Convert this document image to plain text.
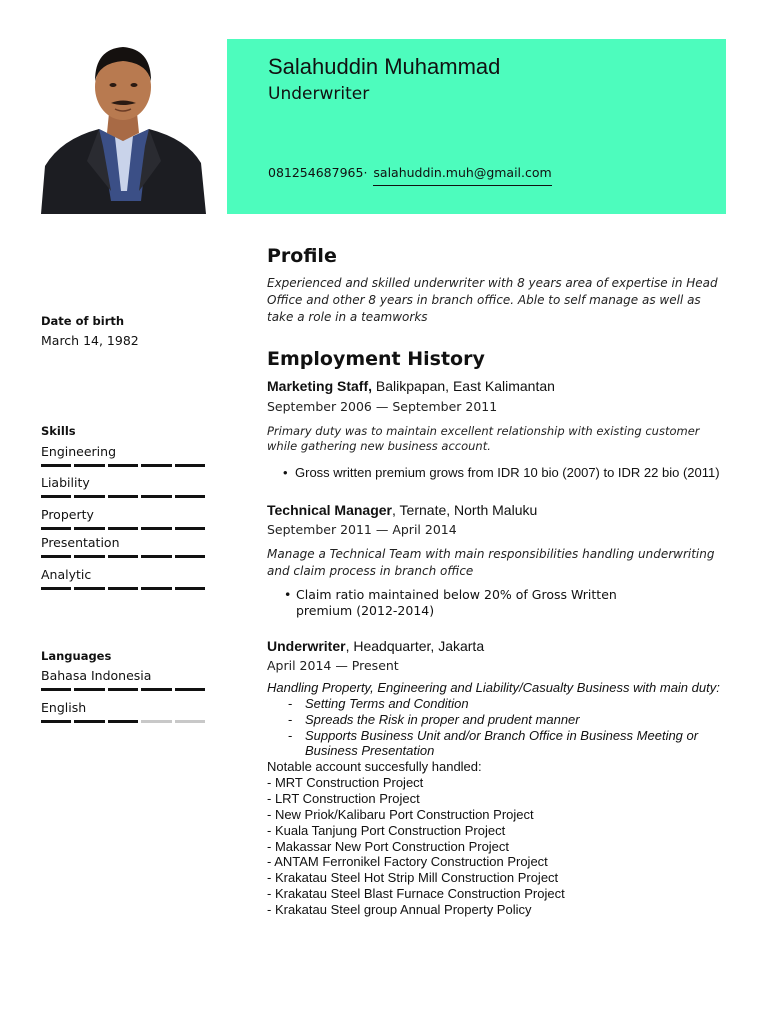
Salahuddin Muhammad
Underwriter
081254687965· salahuddin.muh@gmail.com
Date of birth
March 14, 1982
Skills
Engineering
Liability
Property
Presentation
Analytic
Languages
Bahasa Indonesia
English
Profile
Experienced and skilled underwriter with 8 years area of expertise in Head Office and other 8 years in branch office. Able to self manage as well as take a role in a teamworks
Employment History
Marketing Staff, Balikpapan, East Kalimantan
September 2006 — September 2011
Primary duty was to maintain excellent relationship with existing customer while gathering new business account.
• Gross written premium grows from IDR 10 bio (2007) to IDR 22 bio (2011)
Technical Manager, Ternate, North Maluku
September 2011 — April 2014
Manage a Technical Team with main responsibilities handling underwriting and claim process in branch office
• Claim ratio maintained below 20% of Gross Written premium (2012-2014)
Underwriter, Headquarter, Jakarta
April 2014 — Present
Handling Property, Engineering and Liability/Casualty Business with main duty:
- Setting Terms and Condition
- Spreads the Risk in proper and prudent manner
- Supports Business Unit and/or Branch Office in Business Meeting or Business Presentation
Notable account succesfully handled:
- MRT Construction Project
- LRT Construction Project
- New Priok/Kalibaru Port Construction Project
- Kuala Tanjung Port Construction Project
- Makassar New Port Construction Project
- ANTAM Ferronikel Factory Construction Project
- Krakatau Steel Hot Strip Mill Construction Project
- Krakatau Steel Blast Furnace Construction Project
- Krakatau Steel group Annual Property Policy
